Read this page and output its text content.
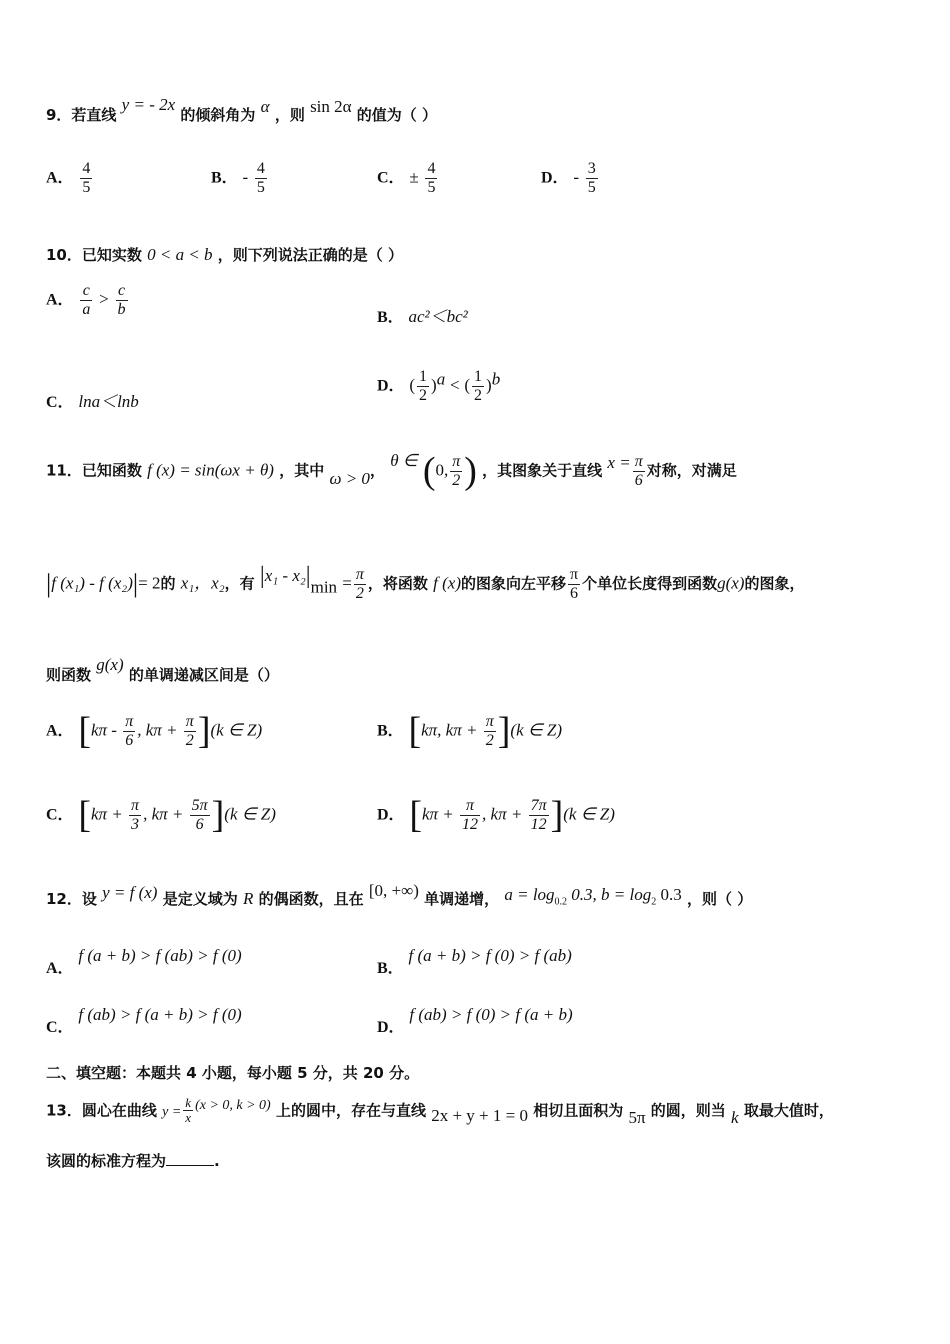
9．若直线 y = - 2x 的倾斜角为 α ，则 sin 2α 的值为（ ）
A． $\frac{4}{5}$	B． - $\frac{4}{5}$	C． ± $\frac{4}{5}$	D． - $\frac{3}{5}$
10．已知实数 0 < a < b ，则下列说法正确的是（ ）
A． $\frac{c}{a} > \frac{c}{b}$	B． ac²＜bc²
C． lna＜lnb
D． ( $\frac{1}{2} )^a$ < ( $\frac{1}{2} )^b$
11．已知函数 f (x) = sin(ωx + θ) ，其中 ω > 0， θ ∈ (0, $\frac{\pi}{2}$ ) ，其图象关于直线 $x = \frac{\pi}{6}$ 对称，对满足
|f (x₁) - f (x₂)|= 2的 x₁，x₂，有 $|x_1 - x_2|_{min} = \frac{\pi}{2}$ ，将函数 f (x)的图象向左平移 $\frac{\pi}{6}$ 个单位长度得到函数g(x)的图象，
则函数 g(x) 的单调递减区间是（）
A． [$k\pi - \frac{\pi}{6}$ , $k\pi + \frac{\pi}{2} ](k$ ∈ Z)	B． [kπ, $k\pi + \frac{\pi}{2} ](k$ ∈ Z)
C． [$k\pi + \frac{\pi}{3}$ , $k\pi + \frac{5\pi}{6} ](k$ ∈ Z)	D． [$k\pi + \frac{\pi}{12}$ , $k\pi + \frac{7\pi}{12} ](k$ ∈ Z)
12．设 y = f (x) 是定义域为 R 的偶函数，且在 [0, +∞) 单调递增， $a = \log_{0.2} 0.3$, $b = \log_2 0.3$ ，则（ ）
A． f (a + b) > f (ab) > f (0)
B． f (a + b) > f (0) > f (ab)
C． f (ab) > f (a + b) > f (0)
D． f (ab) > f (0) > f (a + b)
二、填空题：本题共 4 小题，每小题 5 分，共 20 分。
13．圆心在曲线 $y = \frac{k}{x} (x > 0$, k > 0) 上的圆中，存在与直线 2x + y + 1 = 0 相切且面积为 5π 的圆，则当 k 取最大值时，
该圆的标准方程为	.
